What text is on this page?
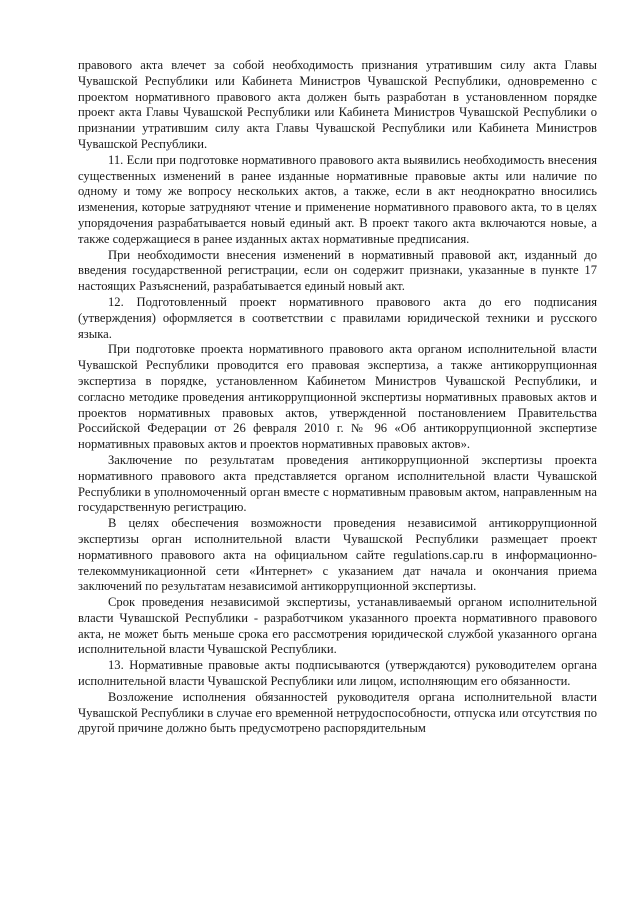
правового акта влечет за собой необходимость признания утратившим силу акта Главы Чувашской Республики или Кабинета Министров Чувашской Республики, одновременно с проектом нормативного правового акта должен быть разработан в установленном порядке проект акта Главы Чувашской Республики или Кабинета Министров Чувашской Республики о признании утратившим силу акта Главы Чувашской Республики или Кабинета Министров Чувашской Республики.

11. Если при подготовке нормативного правового акта выявились необходимость внесения существенных изменений в ранее изданные нормативные правовые акты или наличие по одному и тому же вопросу нескольких актов, а также, если в акт неоднократно вносились изменения, которые затрудняют чтение и применение нормативного правового акта, то в целях упорядочения разрабатывается новый единый акт. В проект такого акта включаются новые, а также содержащиеся в ранее изданных актах нормативные предписания.

При необходимости внесения изменений в нормативный правовой акт, изданный до введения государственной регистрации, если он содержит признаки, указанные в пункте 17 настоящих Разъяснений, разрабатывается единый новый акт.

12. Подготовленный проект нормативного правового акта до его подписания (утверждения) оформляется в соответствии с правилами юридической техники и русского языка.

При подготовке проекта нормативного правового акта органом исполнительной власти Чувашской Республики проводится его правовая экспертиза, а также антикоррупционная экспертиза в порядке, установленном Кабинетом Министров Чувашской Республики, и согласно методике проведения антикоррупционной экспертизы нормативных правовых актов и проектов нормативных правовых актов, утвержденной постановлением Правительства Российской Федерации от 26 февраля 2010 г. № 96 «Об антикоррупционной экспертизе нормативных правовых актов и проектов нормативных правовых актов».

Заключение по результатам проведения антикоррупционной экспертизы проекта нормативного правового акта представляется органом исполнительной власти Чувашской Республики в уполномоченный орган вместе с нормативным правовым актом, направленным на государственную регистрацию.

В целях обеспечения возможности проведения независимой антикоррупционной экспертизы орган исполнительной власти Чувашской Республики размещает проект нормативного правового акта на официальном сайте regulations.cap.ru в информационно-телекоммуникационной сети «Интернет» с указанием дат начала и окончания приема заключений по результатам независимой антикоррупционной экспертизы.

Срок проведения независимой экспертизы, устанавливаемый органом исполнительной власти Чувашской Республики - разработчиком указанного проекта нормативного правового акта, не может быть меньше срока его рассмотрения юридической службой указанного органа исполнительной власти Чувашской Республики.

13. Нормативные правовые акты подписываются (утверждаются) руководителем органа исполнительной власти Чувашской Республики или лицом, исполняющим его обязанности.

Возложение исполнения обязанностей руководителя органа исполнительной власти Чувашской Республики в случае его временной нетрудоспособности, отпуска или отсутствия по другой причине должно быть предусмотрено распорядительным
